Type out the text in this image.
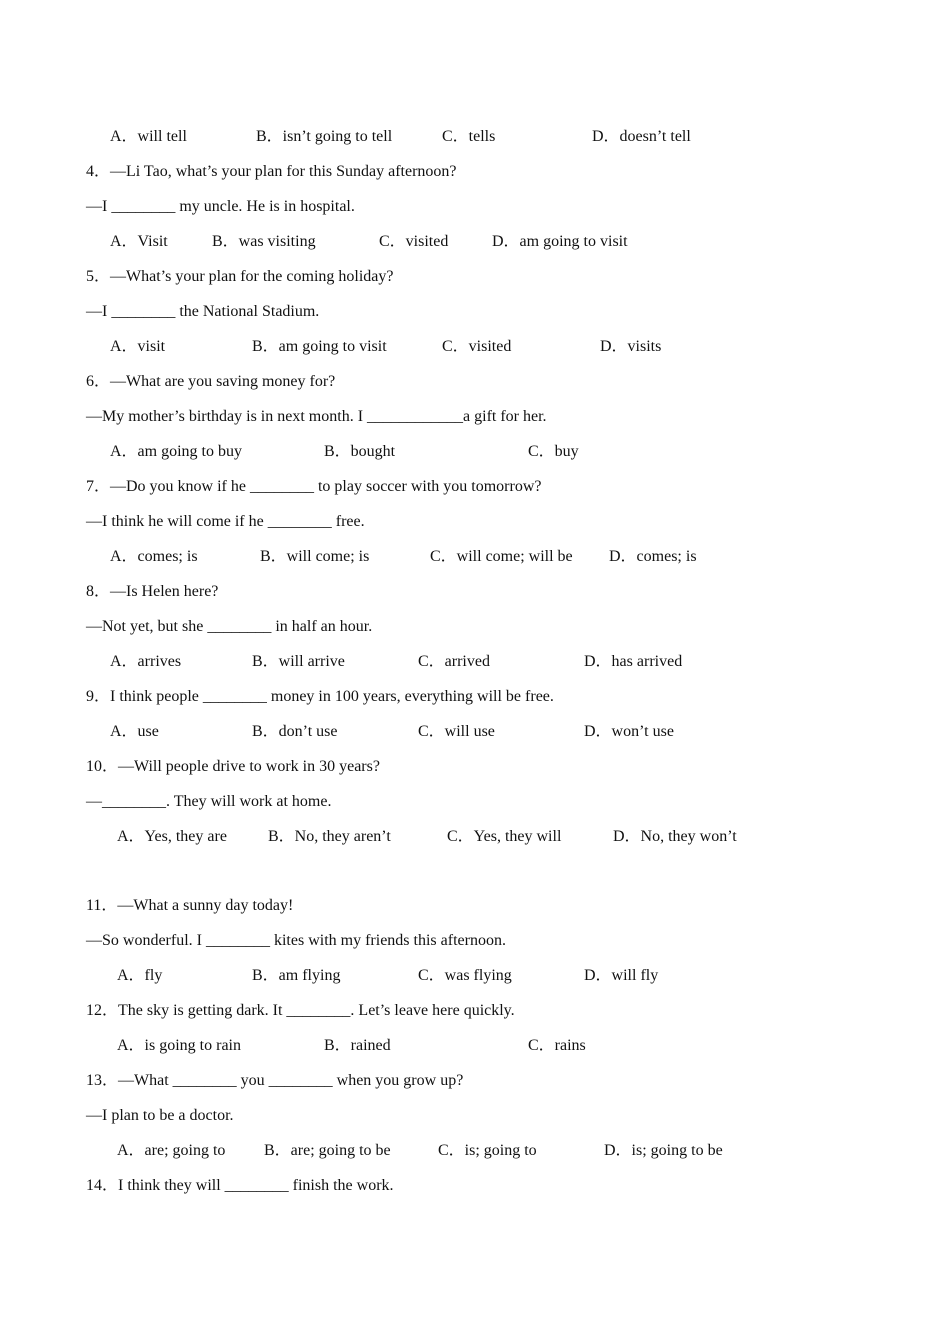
A．will tell	B．isn’t going to tell	C．tells	D．doesn’t tell
4．—Li Tao, what’s your plan for this Sunday afternoon?
—I ________ my uncle. He is in hospital.
A．Visit	B．was visiting	C．visited	D．am going to visit
5．—What’s your plan for the coming holiday?
—I ________ the National Stadium.
A．visit	B．am going to visit	C．visited	D．visits
6．—What are you saving money for?
—My mother’s birthday is in next month. I ____________a gift for her.
A．am going to buy	B．bought	C．buy
7．—Do you know if he ________ to play soccer with you tomorrow?
—I think he will come if he ________ free.
A．comes; is	B．will come; is	C．will come; will be D．comes; is
8．—Is Helen here?
—Not yet, but she ________ in half an hour.
A．arrives	B．will arrive	C．arrived	D．has arrived
9．I think people ________ money in 100 years, everything will be free.
A．use	B．don’t use	C．will use	D．won’t use
10．—Will people drive to work in 30 years?
—________. They will work at home.
A．Yes, they are	B．No, they aren’t	C．Yes, they will	D．No, they won’t
11．—What a sunny day today!
—So wonderful. I ________ kites with my friends this afternoon.
A．fly	B．am flying	C．was flying	D．will fly
12．The sky is getting dark. It ________. Let’s leave here quickly.
A．is going to rain	B．rained	C．rains
13．—What ________ you ________ when you grow up?
—I plan to be a doctor.
A．are; going to B．are; going to be	C．is; going to	D．is; going to be
14．I think they will ________ finish the work.
